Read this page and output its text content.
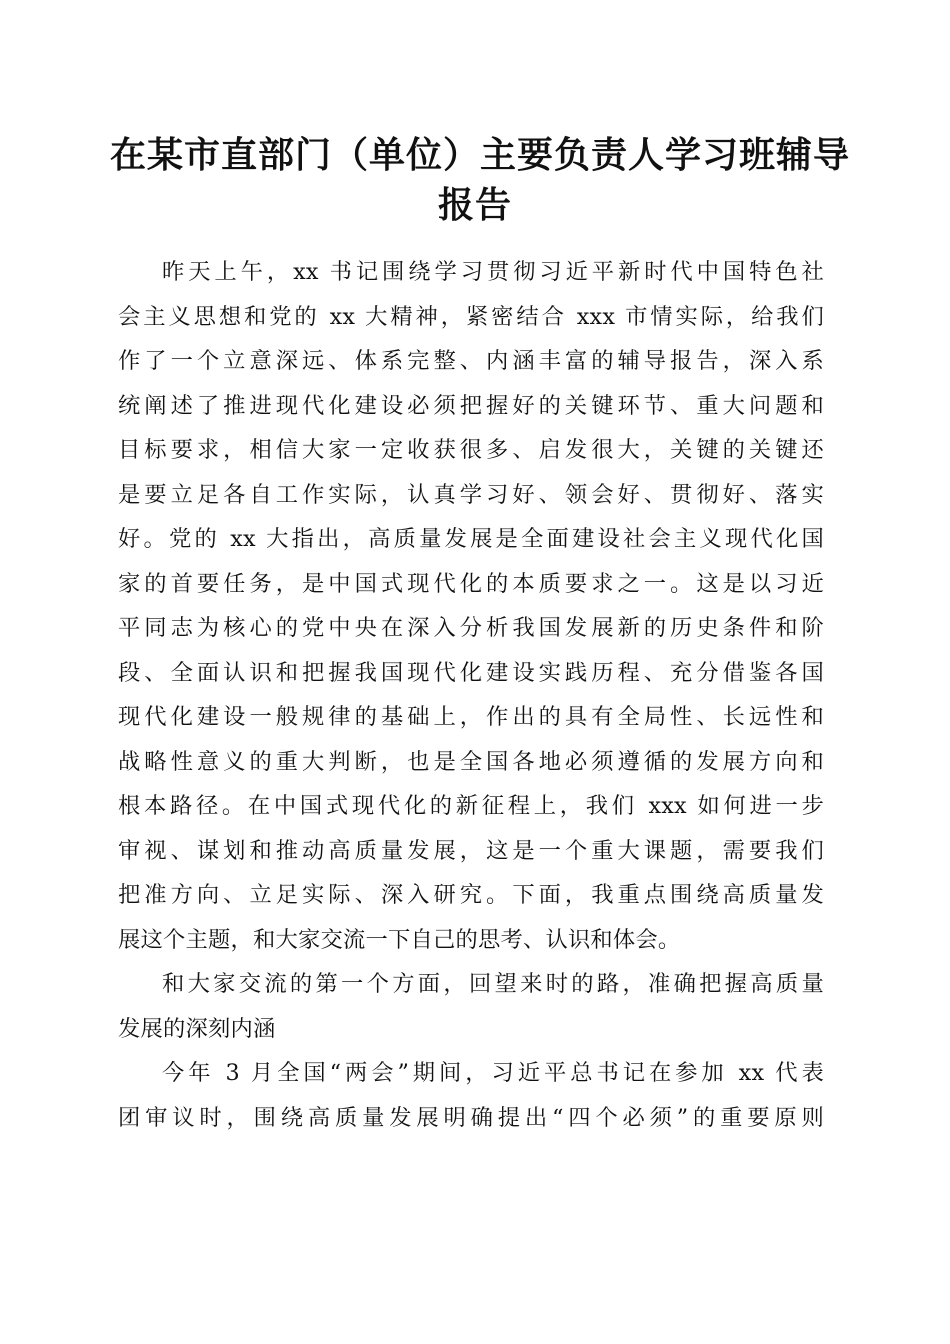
在某市直部门（单位）主要负责人学习班辅导
报告
昨天上午，xx 书记围绕学习贯彻习近平新时代中国特色社
会主义思想和党的 xx 大精神，紧密结合 xxx 市情实际，给我们
作了一个立意深远、体系完整、内涵丰富的辅导报告，深入系
统阐述了推进现代化建设必须把握好的关键环节、重大问题和
目标要求，相信大家一定收获很多、启发很大，关键的关键还
是要立足各自工作实际，认真学习好、领会好、贯彻好、落实
好。党的 xx 大指出，高质量发展是全面建设社会主义现代化国
家的首要任务，是中国式现代化的本质要求之一。这是以习近
平同志为核心的党中央在深入分析我国发展新的历史条件和阶
段、全面认识和把握我国现代化建设实践历程、充分借鉴各国
现代化建设一般规律的基础上，作出的具有全局性、长远性和
战略性意义的重大判断，也是全国各地必须遵循的发展方向和
根本路径。在中国式现代化的新征程上，我们 xxx 如何进一步
审视、谋划和推动高质量发展，这是一个重大课题，需要我们
把准方向、立足实际、深入研究。下面，我重点围绕高质量发
展这个主题，和大家交流一下自己的思考、认识和体会。
和大家交流的第一个方面，回望来时的路，准确把握高质量
发展的深刻内涵
今年 3 月全国“两会”期间，习近平总书记在参加 xx 代表
团审议时，围绕高质量发展明确提出“四个必须”的重要原则
